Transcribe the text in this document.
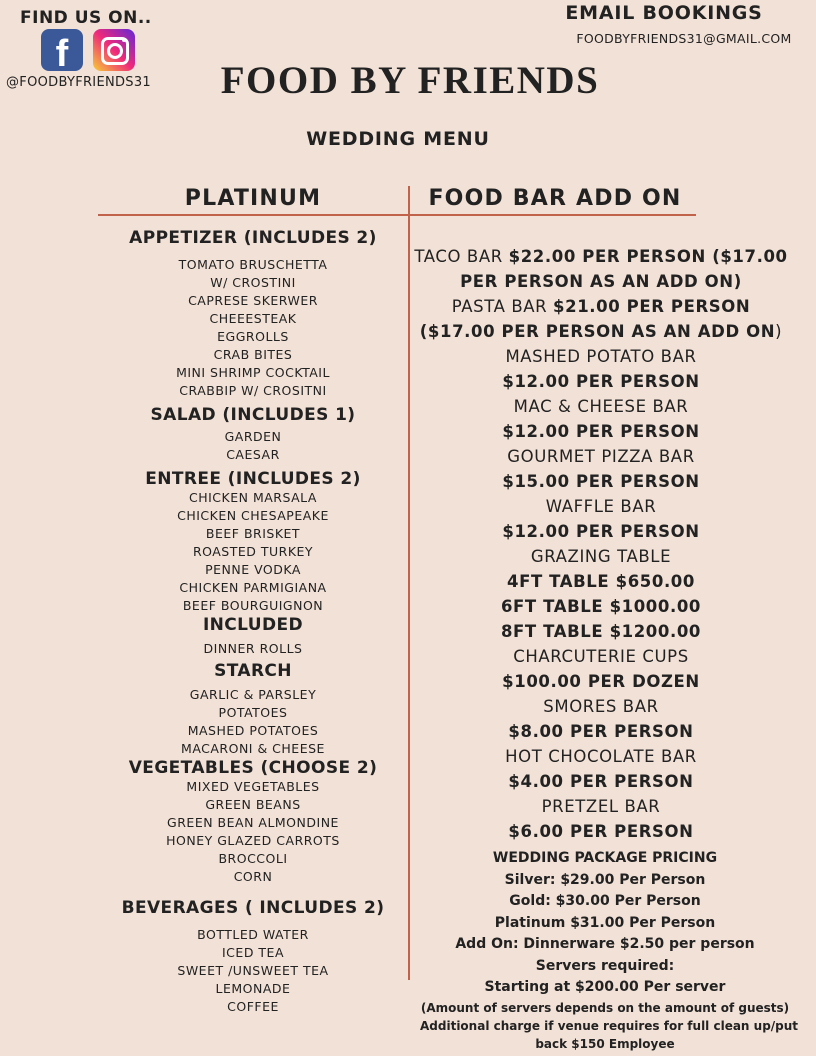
FIND US ON..
f
@FOODBYFRIENDS31
EMAIL BOOKINGS
FOODBYFRIENDS31@GMAIL.COM
FOOD BY FRIENDS
WEDDING MENU
PLATINUM	FOOD BAR ADD ON

APPETIZER (INCLUDES 2)

TOMATO BRUSCHETTA

W/ CROSTINI

CAPRESE SKERWER

CHEEESTEAK

EGGROLLS

CRAB BITES

MINI SHRIMP COCKTAIL

CRABBIP W/ CROSITNI

SALAD (INCLUDES 1)

GARDEN

CAESAR

ENTREE (INCLUDES 2)

CHICKEN MARSALA

CHICKEN CHESAPEAKE

BEEF BRISKET

ROASTED TURKEY

PENNE VODKA

CHICKEN PARMIGIANA

BEEF BOURGUIGNON

INCLUDED

DINNER ROLLS

STARCH

GARLIC & PARSLEY

POTATOES

MASHED POTATOES

MACARONI & CHEESE

VEGETABLES (CHOOSE 2)

MIXED VEGETABLES

GREEN BEANS

GREEN BEAN ALMONDINE

HONEY GLAZED CARROTS

BROCCOLI

CORN

BEVERAGES ( INCLUDES 2)

BOTTLED WATER

ICED TEA

SWEET /UNSWEET TEA

LEMONADE

COFFEE

TACO BAR $22.00 PER PERSON ($17.00

PER PERSON AS AN ADD ON)

PASTA BAR $21.00 PER PERSON

($17.00 PER PERSON AS AN ADD ON)

MASHED POTATO BAR

$12.00 PER PERSON

MAC & CHEESE BAR

$12.00 PER PERSON

GOURMET PIZZA BAR

$15.00 PER PERSON

WAFFLE BAR

$12.00 PER PERSON

GRAZING TABLE

4FT TABLE $650.00

6FT TABLE $1000.00

8FT TABLE $1200.00

CHARCUTERIE CUPS

$100.00 PER DOZEN

SMORES BAR

$8.00 PER PERSON

HOT CHOCOLATE BAR

$4.00 PER PERSON

PRETZEL BAR

$6.00 PER PERSON

WEDDING PACKAGE PRICING

Silver: $29.00 Per Person

Gold: $30.00 Per Person

Platinum $31.00 Per Person

Add On: Dinnerware $2.50 per person

Servers required:

Starting at $200.00 Per server

(Amount of servers depends on the amount of guests)

Additional charge if venue requires for full clean up/put

back $150 Employee
